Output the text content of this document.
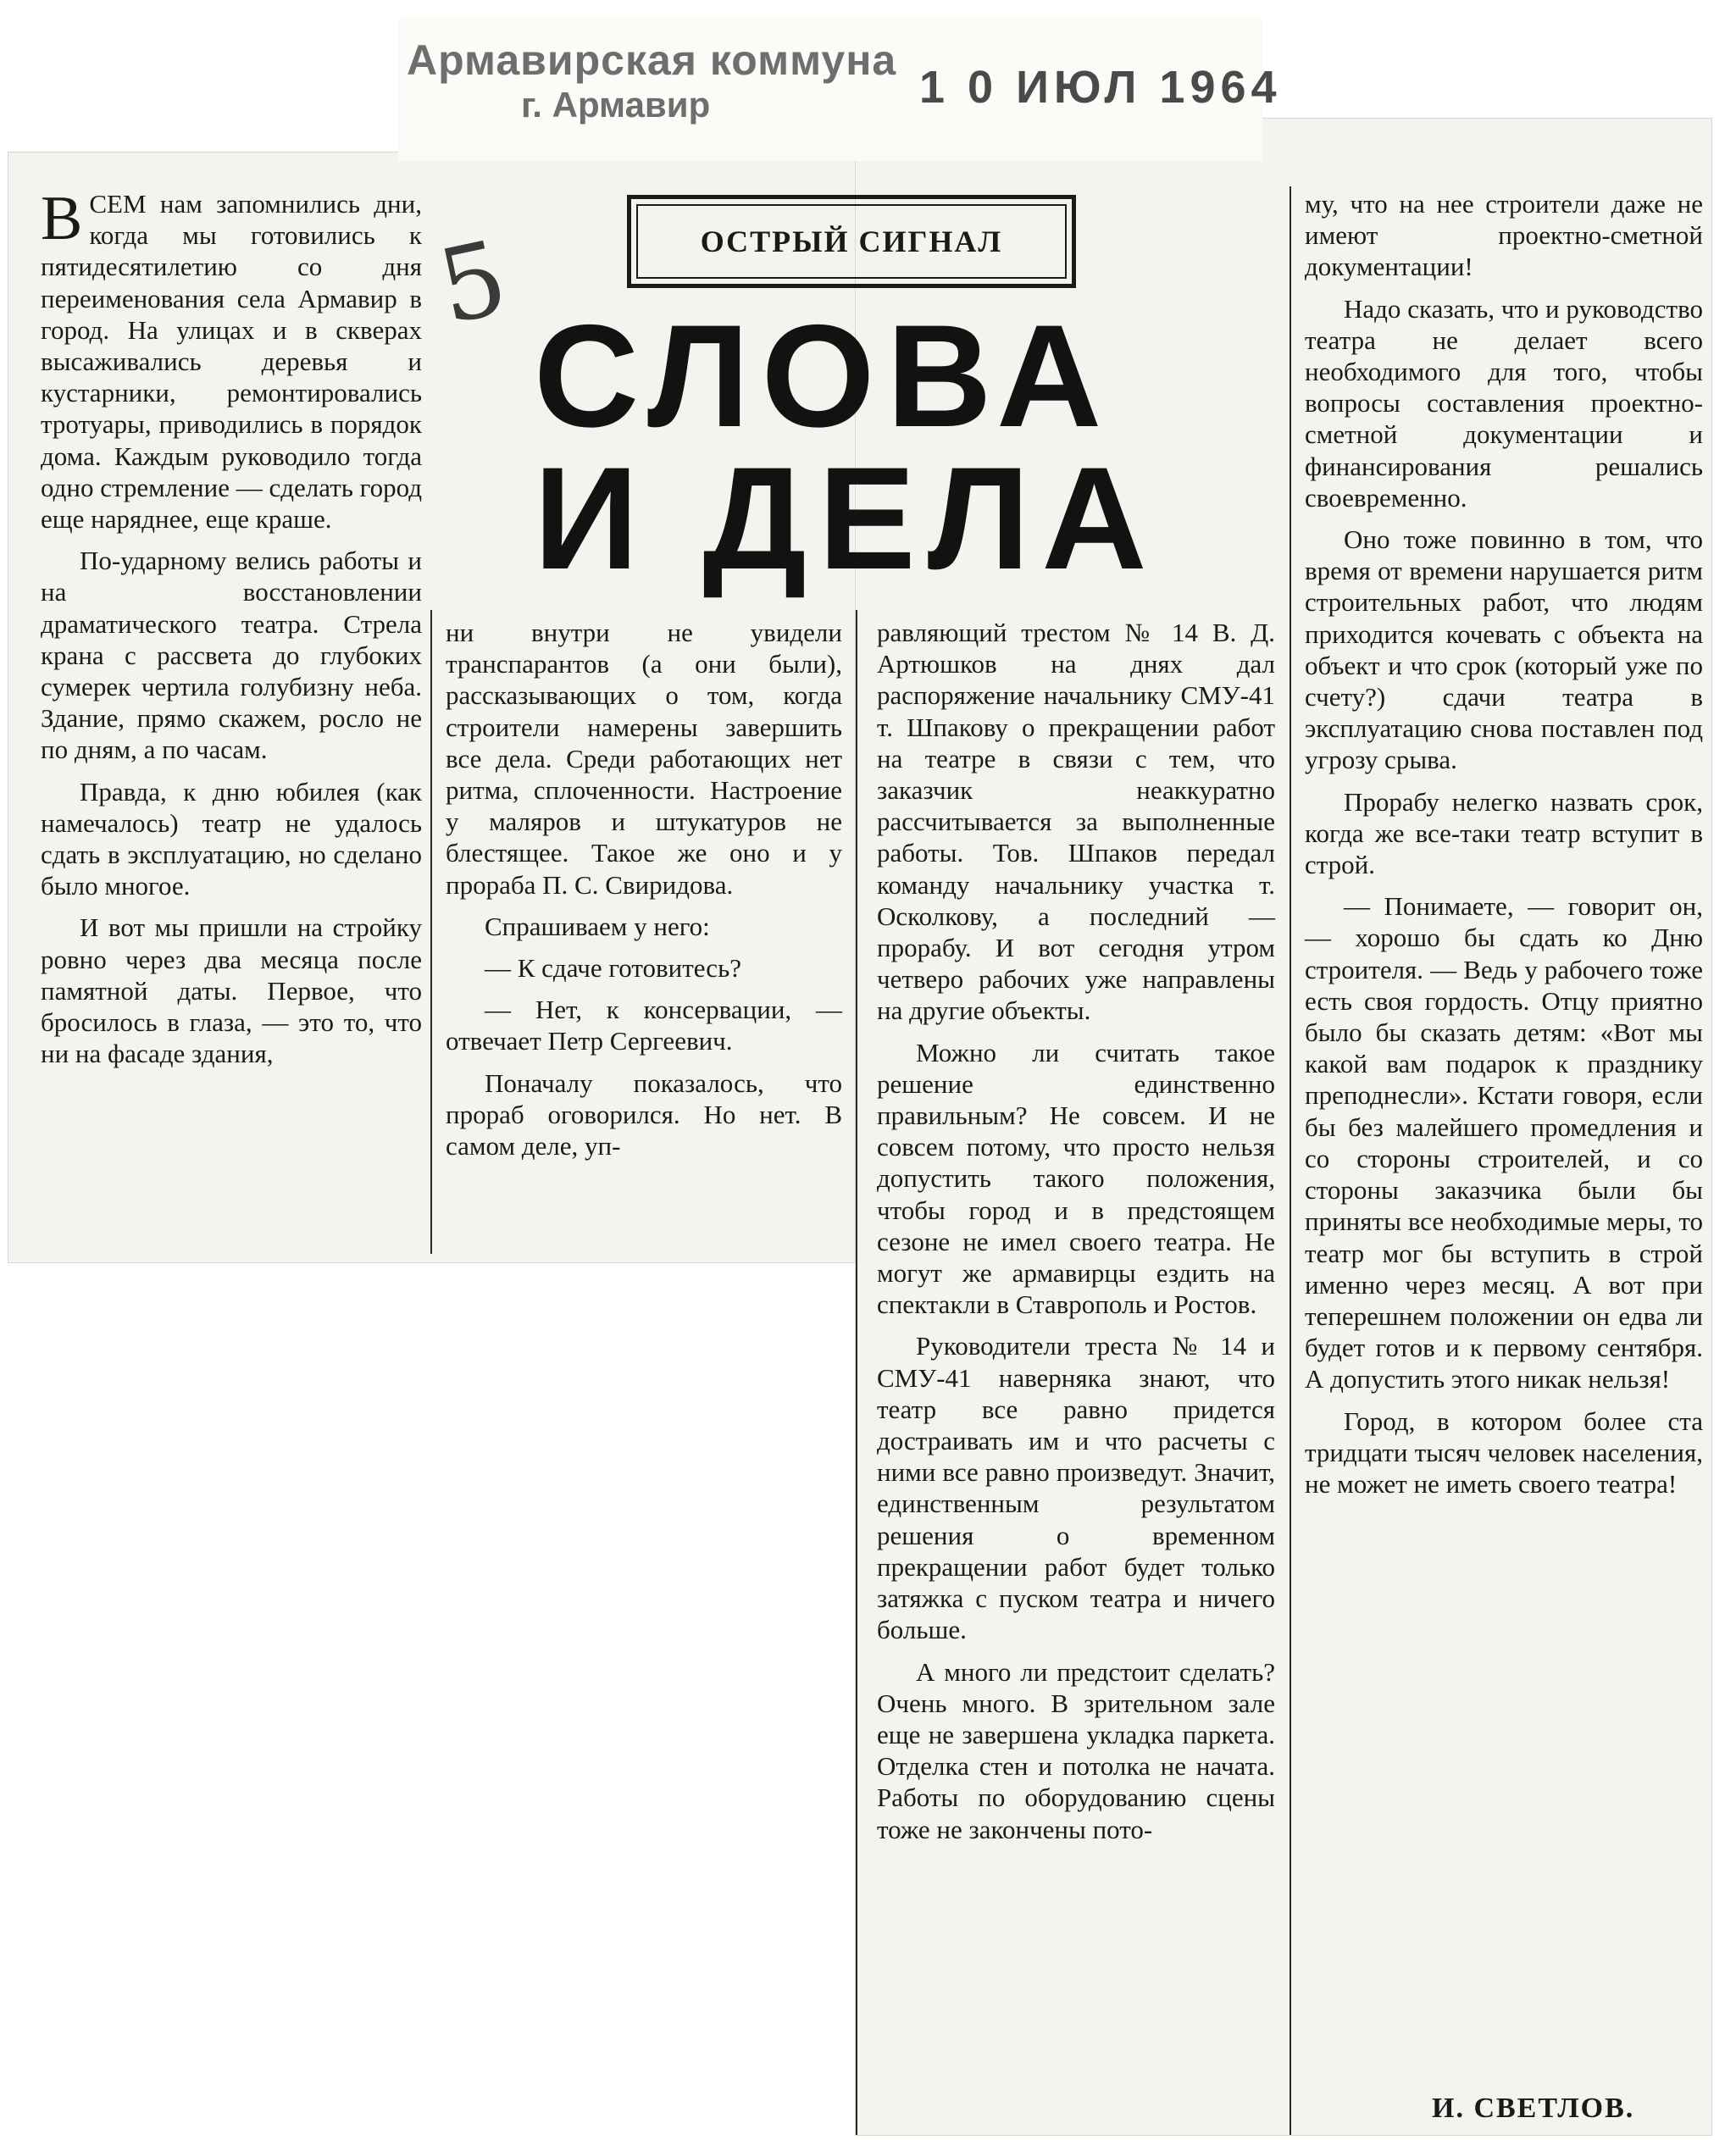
Армавирская коммуна
г. Армавир	1 0 ИЮЛ 1964
5	ОСТРЫЙ СИГНАЛ
СЛОВА
И ДЕЛА

ВСЕМ нам запомнились дни, когда мы готовились к пятидесятилетию со дня переименования села Армавир в город. На улицах и в скверах высаживались деревья и кустарники, ремонтировались тротуары, приводились в порядок дома. Каждым руководило тогда одно стремление — сделать город еще наряднее, еще краше.

По-ударному велись работы и на восстановлении драматического театра. Стрела крана с рассвета до глубоких сумерек чертила голубизну неба. Здание, прямо скажем, росло не по дням, а по часам.

Правда, к дню юбилея (как намечалось) театр не удалось сдать в эксплуатацию, но сделано было многое.

И вот мы пришли на стройку ровно через два месяца после памятной даты. Первое, что бросилось в глаза, — это то, что ни на фасаде здания,

ни внутри не увидели транспарантов (а они были), рассказывающих о том, когда строители намерены завершить все дела. Среди работающих нет ритма, сплоченности. Настроение у маляров и штукатуров не блестящее. Такое же оно и у прораба П. С. Свиридова.

Спрашиваем у него:

— К сдаче готовитесь?

— Нет, к консервации, — отвечает Петр Сергеевич.

Поначалу показалось, что прораб оговорился. Но нет. В самом деле, уп-

равляющий трестом № 14 В. Д. Артюшков на днях дал распоряжение начальнику СМУ-41 т. Шпакову о прекращении работ на театре в связи с тем, что заказчик неаккуратно рассчитывается за выполненные работы. Тов. Шпаков передал команду начальнику участка т. Осколкову, а последний — прорабу. И вот сегодня утром четверо рабочих уже направлены на другие объекты.

Можно ли считать такое решение единственно правильным? Не совсем. И не совсем потому, что просто нельзя допустить такого положения, чтобы город и в предстоящем сезоне не имел своего театра. Не могут же армавирцы ездить на спектакли в Ставрополь и Ростов.

Руководители треста № 14 и СМУ-41 наверняка знают, что театр все равно придется достраивать им и что расчеты с ними все равно произведут. Значит, единственным результатом решения о временном прекращении работ будет только затяжка с пуском театра и ничего больше.

А много ли предстоит сделать? Очень много. В зрительном зале еще не завершена укладка паркета. Отделка стен и потолка не начата. Работы по оборудованию сцены тоже не закончены пото-

му, что на нее строители даже не имеют проектно-сметной документации!

Надо сказать, что и руководство театра не делает всего необходимого для того, чтобы вопросы составления проектно-сметной документации и финансирования решались своевременно.

Оно тоже повинно в том, что время от времени нарушается ритм строительных работ, что людям приходится кочевать с объекта на объект и что срок (который уже по счету?) сдачи театра в эксплуатацию снова поставлен под угрозу срыва.

Прорабу нелегко назвать срок, когда же все-таки театр вступит в строй.

— Понимаете, — говорит он, — хорошо бы сдать ко Дню строителя. — Ведь у рабочего тоже есть своя гордость. Отцу приятно было бы сказать детям: «Вот мы какой вам подарок к празднику преподнесли». Кстати говоря, если бы без малейшего промедления и со стороны строителей, и со стороны заказчика были бы приняты все необходимые меры, то театр мог бы вступить в строй именно через месяц. А вот при теперешнем положении он едва ли будет готов и к первому сентября. А допустить этого никак нельзя!

Город, в котором более ста тридцати тысяч человек населения, не может не иметь своего театра!

И. СВЕТЛОВ.
